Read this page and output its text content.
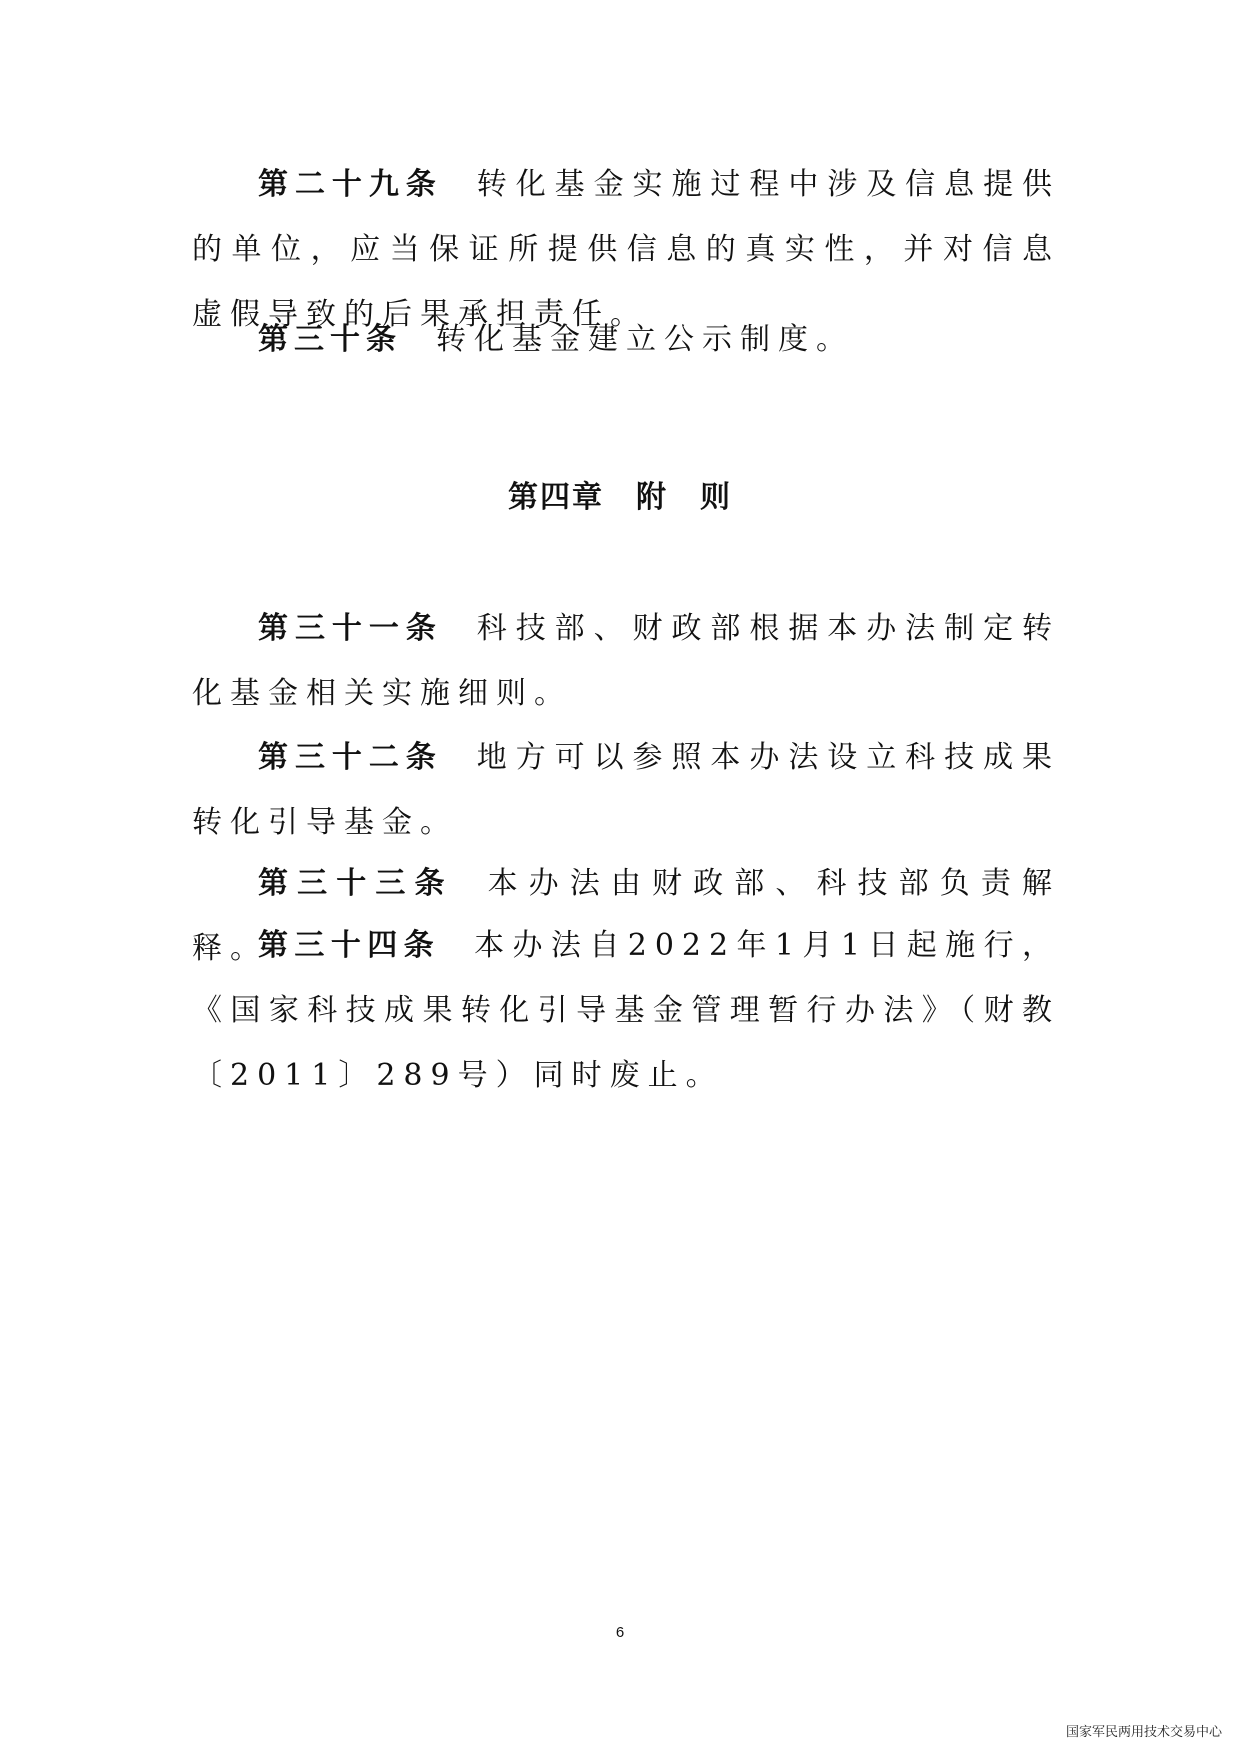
第二十九条 转化基金实施过程中涉及信息提供的单位，应当保证所提供信息的真实性，并对信息虚假导致的后果承担责任。

第三十条 转化基金建立公示制度。

第四章　附　则

第三十一条 科技部、财政部根据本办法制定转化基金相关实施细则。

第三十二条 地方可以参照本办法设立科技成果转化引导基金。

第三十三条 本办法由财政部、科技部负责解释。

第三十四条 本办法自2022年1月1日起施行，《国家科技成果转化引导基金管理暂行办法》（财教〔2011〕289号）同时废止。

6
国家军民两用技术交易中心
